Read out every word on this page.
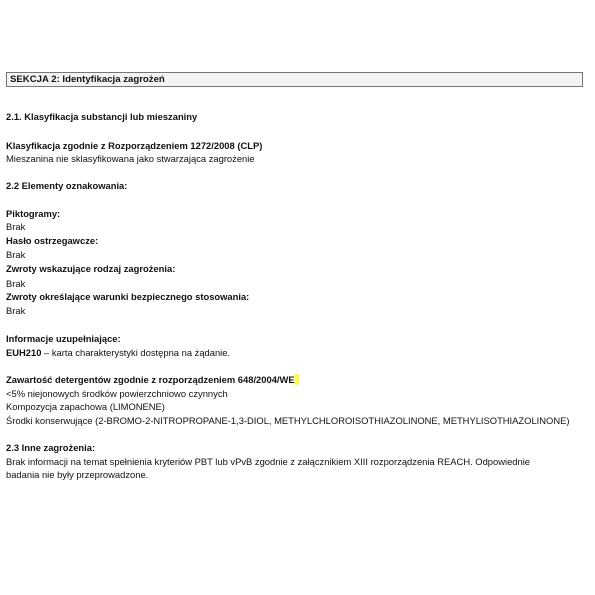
SEKCJA 2: Identyfikacja zagrożeń
2.1. Klasyfikacja substancji lub mieszaniny
Klasyfikacja zgodnie z Rozporządzeniem 1272/2008 (CLP)
Mieszanina nie sklasyfikowana jako stwarzająca zagrożenie
2.2 Elementy oznakowania:
Piktogramy:
Brak
Hasło ostrzegawcze:
Brak
Zwroty wskazujące rodzaj zagrożenia:
Brak
Zwroty określające warunki bezpiecznego stosowania:
Brak
Informacje uzupełniające:
EUH210 – karta charakterystyki dostępna na żądanie.
Zawartość detergentów zgodnie z rozporządzeniem 648/2004/WE
<5% niejonowych środków powierzchniowo czynnych
Kompozycja zapachowa (LIMONENE)
Środki konserwujące (2-BROMO-2-NITROPROPANE-1,3-DIOL, METHYLCHLOROISOTHIAZOLINONE, METHYLISOTHIAZOLINONE)
2.3 Inne zagrożenia:
Brak informacji na temat spełnienia kryteriów PBT lub vPvB zgodnie z załącznikiem XIII rozporządzenia REACH. Odpowiednie
badania nie były przeprowadzone.
